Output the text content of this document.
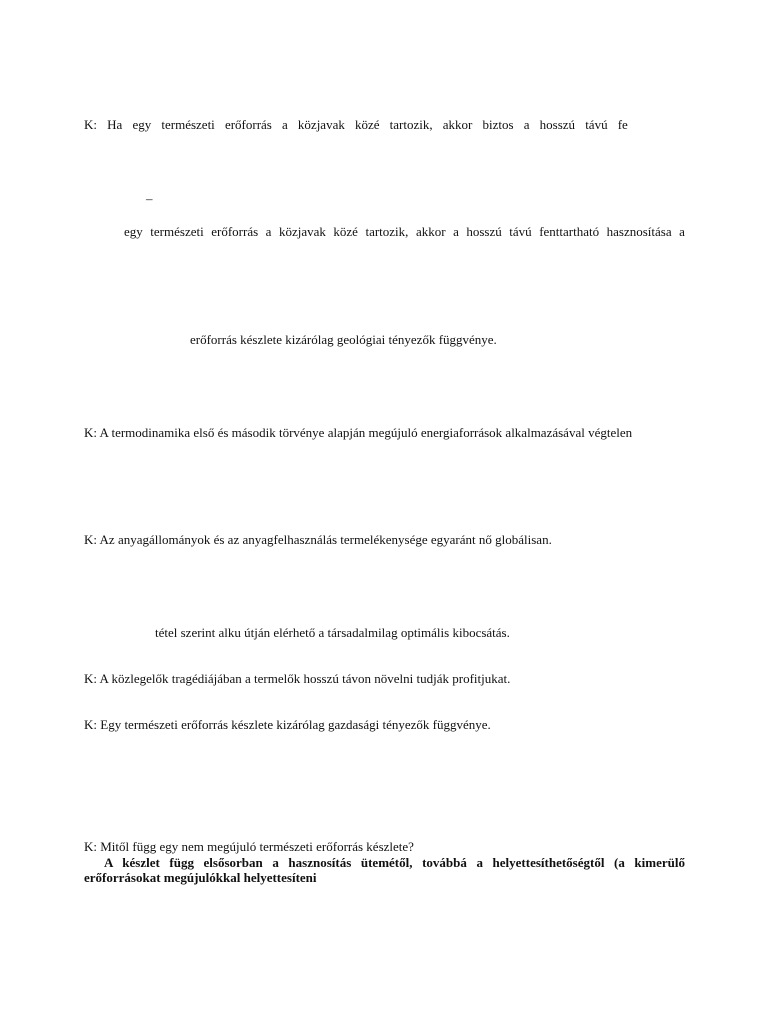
K: Ha egy természeti erőforrás a közjavak közé tartozik, akkor biztos a hosszú távú fe
–
egy természeti erőforrás a közjavak közé tartozik, akkor a hosszú távú fenttartható hasznosítása a
erőforrás készlete kizárólag geológiai tényezők függvénye.
K: A termodinamika első és második törvénye alapján megújuló energiaforrások alkalmazásával végtelen
K: Az anyagállományok és az anyagfelhasználás termelékenysége egyaránt nő globálisan.
tétel szerint alku útján elérhető a társadalmilag optimális kibocsátás.
K: A közlegelők tragédiájában a termelők hosszú távon növelni tudják profitjukat.
K: Egy természeti erőforrás készlete kizárólag gazdasági tényezők függvénye.
K: Mitől függ egy nem megújuló természeti erőforrás készlete?

A készlet függ elsősorban a hasznosítás ütemétől, továbbá a helyettesíthetőségtől (a kimerülő erőforrásokat megújulókkal helyettesíteni
